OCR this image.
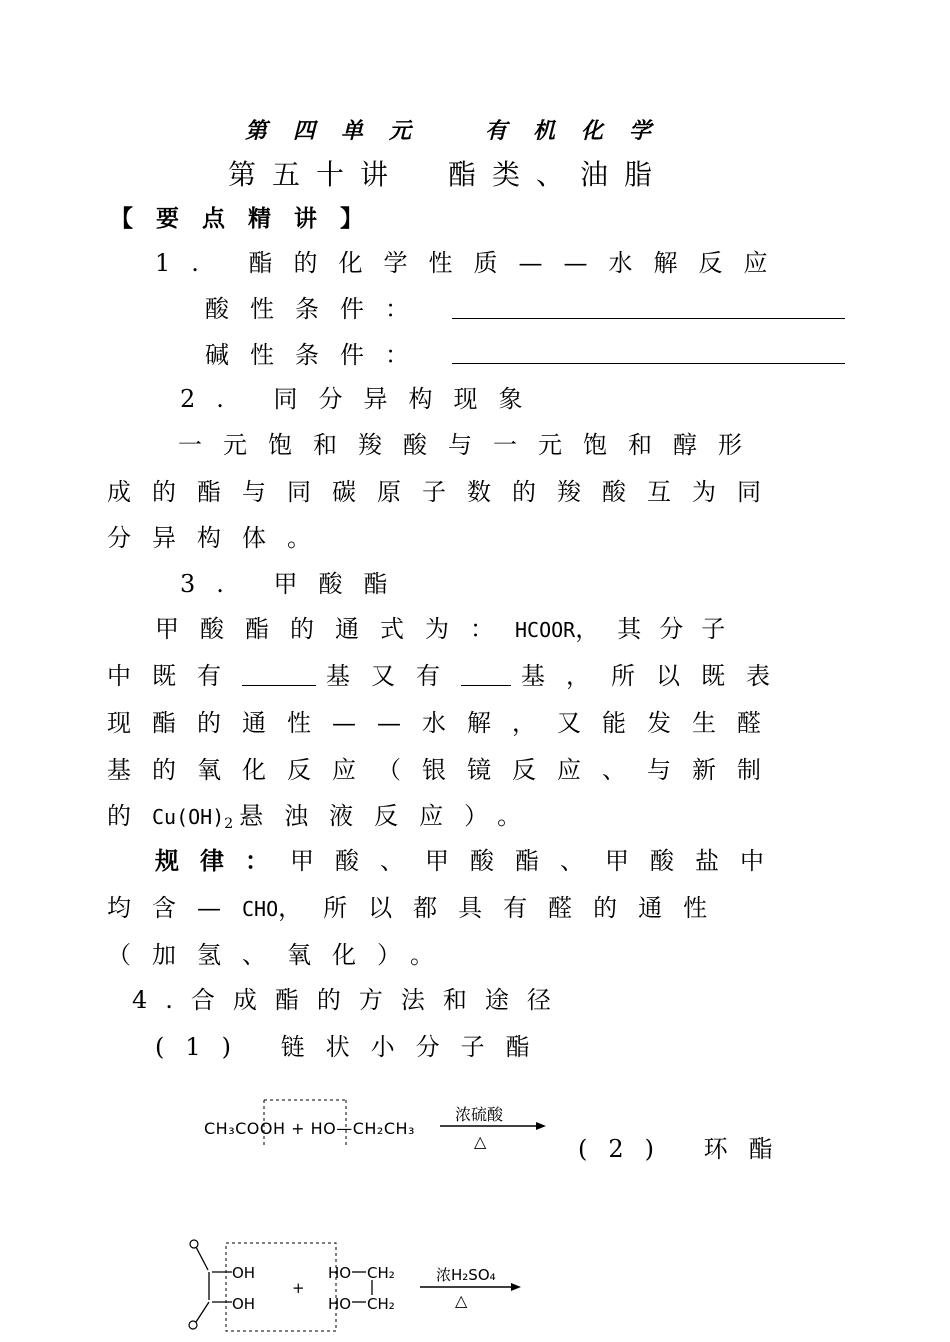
第四单元　有机化学
第五十讲　酯类、油脂
【要点精讲】
1. 酯的化学性质——水解反应
酸性条件：
碱性条件：
2. 同分异构现象
一元饱和羧酸与一元饱和醇形
成的酯与同碳原子数的羧酸互为同
分异构体。
3. 甲酸酯
甲酸酯的通式为：HCOOR，其分子
中既有	基又有	基，所以既表
现酯的通性——水解，又能发生醛
基的氧化反应（银镜反应、与新制
的$Cu(OH)_2$ 悬浊液反应）。
规律：甲酸、甲酸酯、甲酸盐中
均含—CHO，所以都具有醛的通性
（加氢、氧化）。
4.合成酯的方法和途径
(1) 链状小分子酯
CH₃COOH + HO—CH₂CH₃
浓硫酸
△	(2) 环酯
OH
OH
+
HO
HO
CH₂
CH₂
浓H₂SO₄
△
